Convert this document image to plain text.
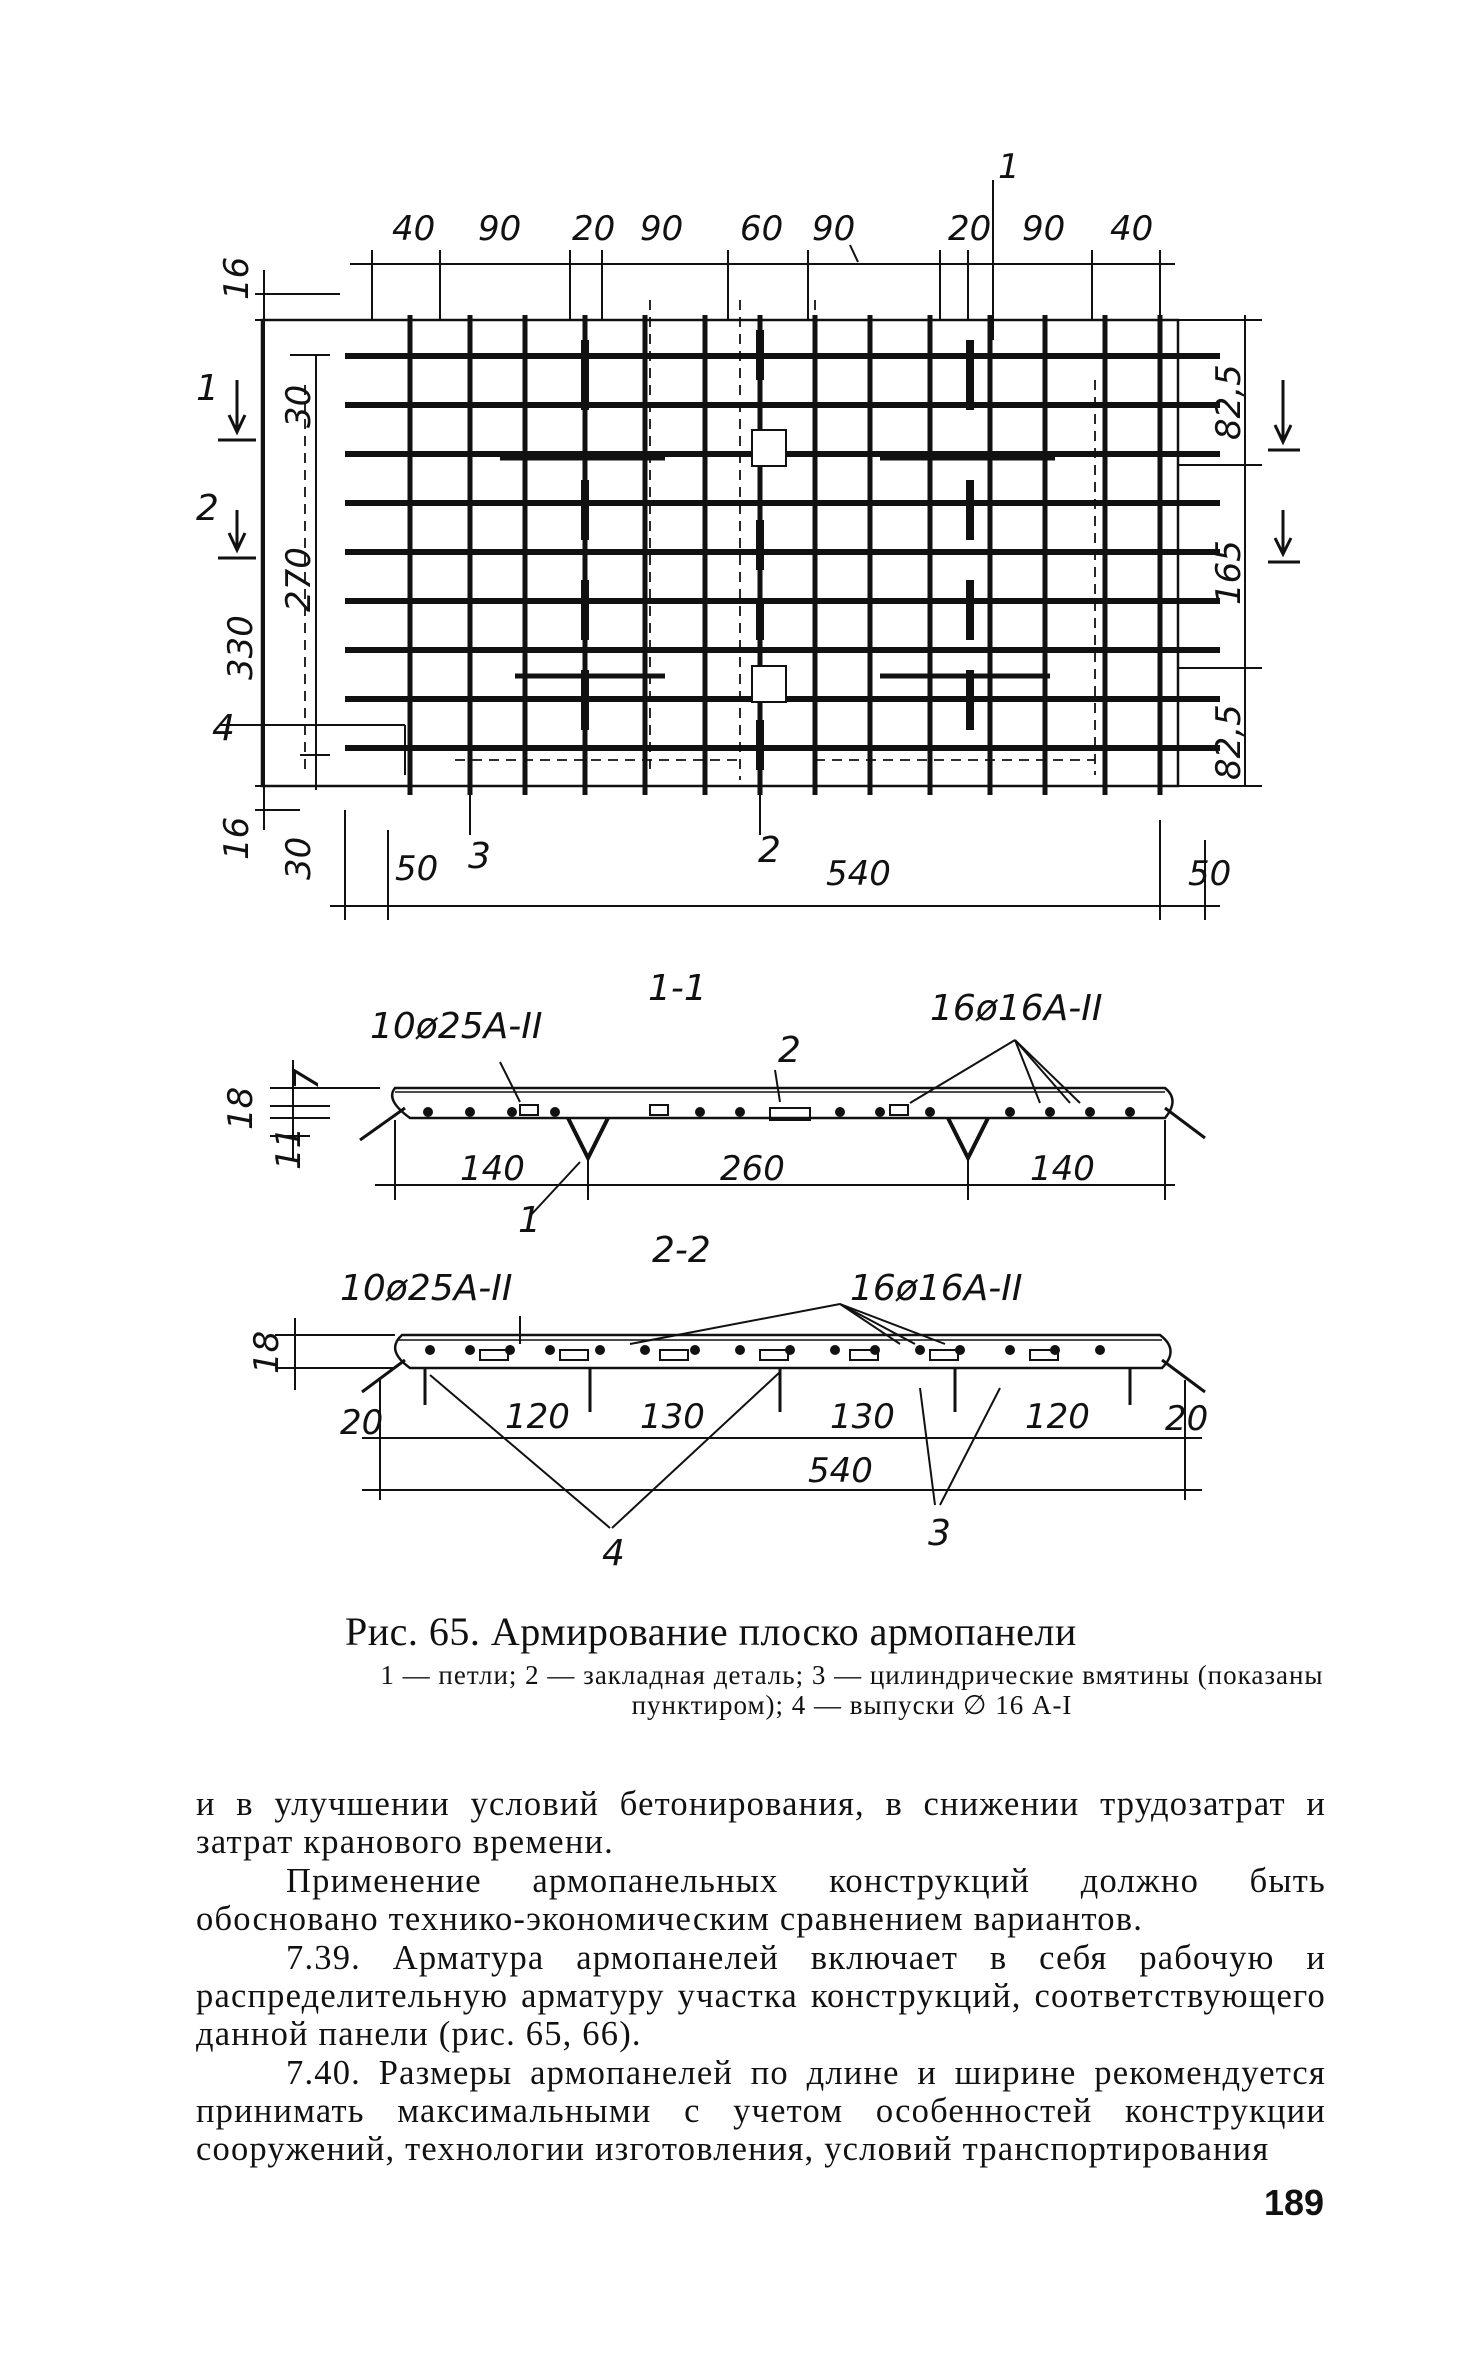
40 90 20 90 60 90	20 90 40
1
16
30
270
330
16 30
82,5
165
82,5
1
2
4
3	2
50	540	50
1-1
10ø25А-II	16ø16А-II
2
1
7
18
11	140	260	140
2-2
10ø25А-II	16ø16А-II
18
20	120 130	130	120 20
540
4	3
Рис. 65. Армирование плоско армопанели
1 — петли; 2 — закладная деталь; 3 — цилиндрические вмятины (показаны
пунктиром); 4 — выпуски ∅ 16 А-I

и в улучшении условий бетонирования, в снижении трудозатрат и затрат кранового времени.

Применение армопанельных конструкций должно быть обосновано технико-экономическим сравнением вариантов.

7.39. Арматура армопанелей включает в себя рабочую и распределительную арматуру участка конструкций, соответствующего данной панели (рис. 65, 66).

7.40. Размеры армопанелей по длине и ширине рекомендуется принимать максимальными с учетом особенностей конструкции сооружений, технологии изготовления, условий транспортирования

189
